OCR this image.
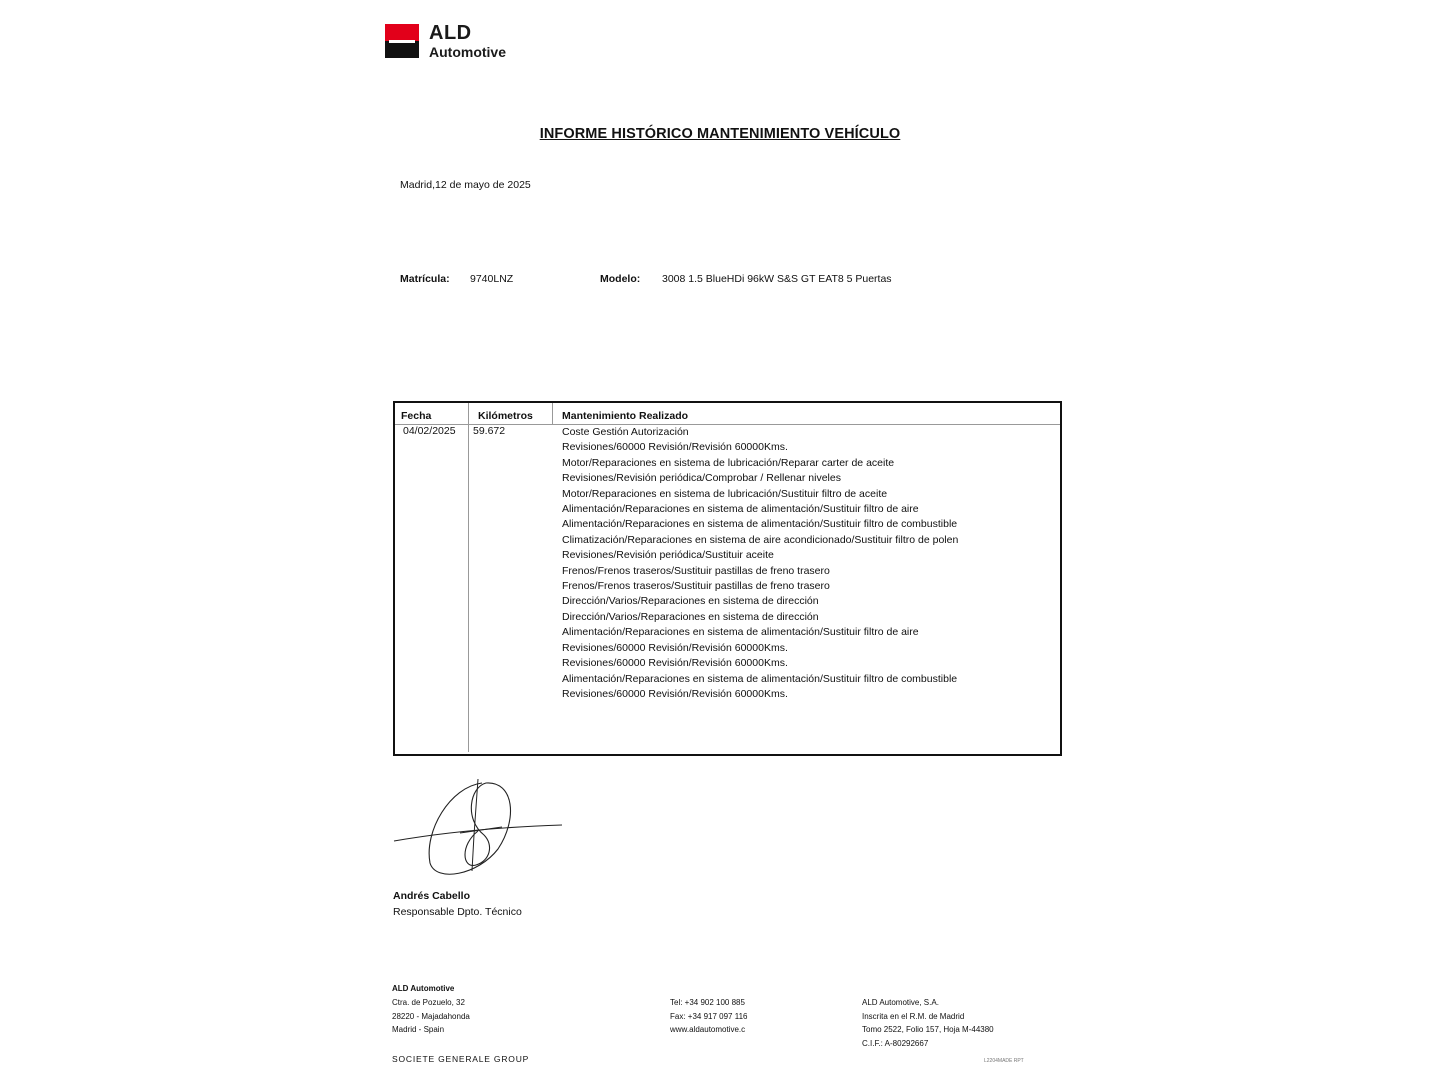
ALD
Automotive
INFORME HISTÓRICO MANTENIMIENTO VEHÍCULO
Madrid,12 de mayo de 2025
Matrícula: 9740LNZ	Modelo: 3008 1.5 BlueHDi 96kW S&S GT EAT8 5 Puertas
Fecha	Kilómetros	Mantenimiento Realizado
04/02/2025 59.672	Coste Gestión Autorización
Revisiones/60000 Revisión/Revisión 60000Kms.
Motor/Reparaciones en sistema de lubricación/Reparar carter de aceite
Revisiones/Revisión periódica/Comprobar / Rellenar niveles
Motor/Reparaciones en sistema de lubricación/Sustituir filtro de aceite
Alimentación/Reparaciones en sistema de alimentación/Sustituir filtro de aire
Alimentación/Reparaciones en sistema de alimentación/Sustituir filtro de combustible
Climatización/Reparaciones en sistema de aire acondicionado/Sustituir filtro de polen
Revisiones/Revisión periódica/Sustituir aceite
Frenos/Frenos traseros/Sustituir pastillas de freno trasero
Frenos/Frenos traseros/Sustituir pastillas de freno trasero
Dirección/Varios/Reparaciones en sistema de dirección
Dirección/Varios/Reparaciones en sistema de dirección
Alimentación/Reparaciones en sistema de alimentación/Sustituir filtro de aire
Revisiones/60000 Revisión/Revisión 60000Kms.
Revisiones/60000 Revisión/Revisión 60000Kms.
Alimentación/Reparaciones en sistema de alimentación/Sustituir filtro de combustible
Revisiones/60000 Revisión/Revisión 60000Kms.
Andrés Cabello
Responsable Dpto. Técnico
ALD Automotive
Ctra. de Pozuelo, 32
28220 - Majadahonda
Madrid - Spain
Tel: +34 902 100 885
Fax: +34 917 097 116
www.aldautomotive.c
ALD Automotive, S.A.
Inscrita en el R.M. de Madrid
Tomo 2522, Folio 157, Hoja M-44380
C.I.F.: A-80292667
SOCIETE GENERALE GROUP	L2204MADE RPT
